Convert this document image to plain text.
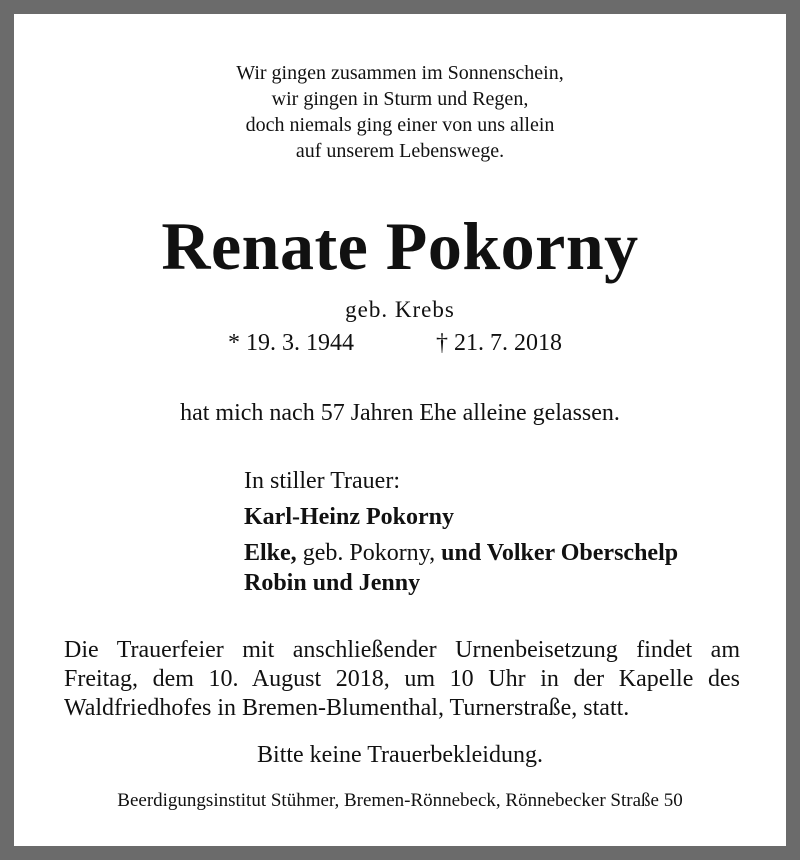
Wir gingen zusammen im Sonnenschein,
wir gingen in Sturm und Regen,
doch niemals ging einer von uns allein
auf unserem Lebenswege.
Renate Pokorny
geb. Krebs
* 19. 3. 1944	† 21. 7. 2018
hat mich nach 57 Jahren Ehe alleine gelassen.
In stiller Trauer:
Karl-Heinz Pokorny
Elke, geb. Pokorny, und Volker Oberschelp
Robin und Jenny
Die Trauerfeier mit anschließender Urnenbeisetzung findet am
Freitag, dem 10. August 2018, um 10 Uhr in der Kapelle des
Waldfriedhofes in Bremen-Blumenthal, Turnerstraße, statt.
Bitte keine Trauerbekleidung.
Beerdigungsinstitut Stühmer, Bremen-Rönnebeck, Rönnebecker Straße 50
